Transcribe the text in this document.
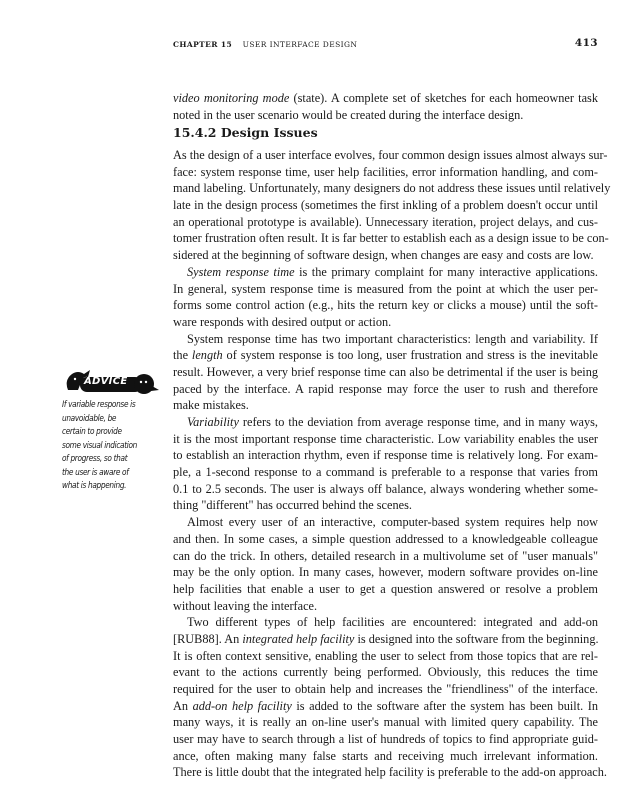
CHAPTER 15 USER INTERFACE DESIGN	413
video monitoring mode (state). A complete set of sketches for each homeowner task
noted in the user scenario would be created during the interface design.
15.4.2 Design Issues
As the design of a user interface evolves, four common design issues almost always sur-
face: system response time, user help facilities, error information handling, and com-
mand labeling. Unfortunately, many designers do not address these issues until relatively
late in the design process (sometimes the first inkling of a problem doesn't occur until
an operational prototype is available). Unnecessary iteration, project delays, and cus-
tomer frustration often result. It is far better to establish each as a design issue to be con-
sidered at the beginning of software design, when changes are easy and costs are low.
System response time is the primary complaint for many interactive applications.
In general, system response time is measured from the point at which the user per-
forms some control action (e.g., hits the return key or clicks a mouse) until the soft-
ware responds with desired output or action.
System response time has two important characteristics: length and variability. If
the length of system response is too long, user frustration and stress is the inevitable
result. However, a very brief response time can also be detrimental if the user is being
paced by the interface. A rapid response may force the user to rush and therefore
make mistakes.
Variability refers to the deviation from average response time, and in many ways,
it is the most important response time characteristic. Low variability enables the user
to establish an interaction rhythm, even if response time is relatively long. For exam-
ple, a 1-second response to a command is preferable to a response that varies from
0.1 to 2.5 seconds. The user is always off balance, always wondering whether some-
thing "different" has occurred behind the scenes.
Almost every user of an interactive, computer-based system requires help now
and then. In some cases, a simple question addressed to a knowledgeable colleague
can do the trick. In others, detailed research in a multivolume set of "user manuals"
may be the only option. In many cases, however, modern software provides on-line
help facilities that enable a user to get a question answered or resolve a problem
without leaving the interface.
Two different types of help facilities are encountered: integrated and add-on
[RUB88]. An integrated help facility is designed into the software from the beginning.
It is often context sensitive, enabling the user to select from those topics that are rel-
evant to the actions currently being performed. Obviously, this reduces the time
required for the user to obtain help and increases the "friendliness" of the interface.
An add-on help facility is added to the software after the system has been built. In
many ways, it is really an on-line user's manual with limited query capability. The
user may have to search through a list of hundreds of topics to find appropriate guid-
ance, often making many false starts and receiving much irrelevant information.
There is little doubt that the integrated help facility is preferable to the add-on approach.
ADVICE
If variable response is
unavoidable, be
certain to provide
some visual indication
of progress, so that
the user is aware of
what is happening.
